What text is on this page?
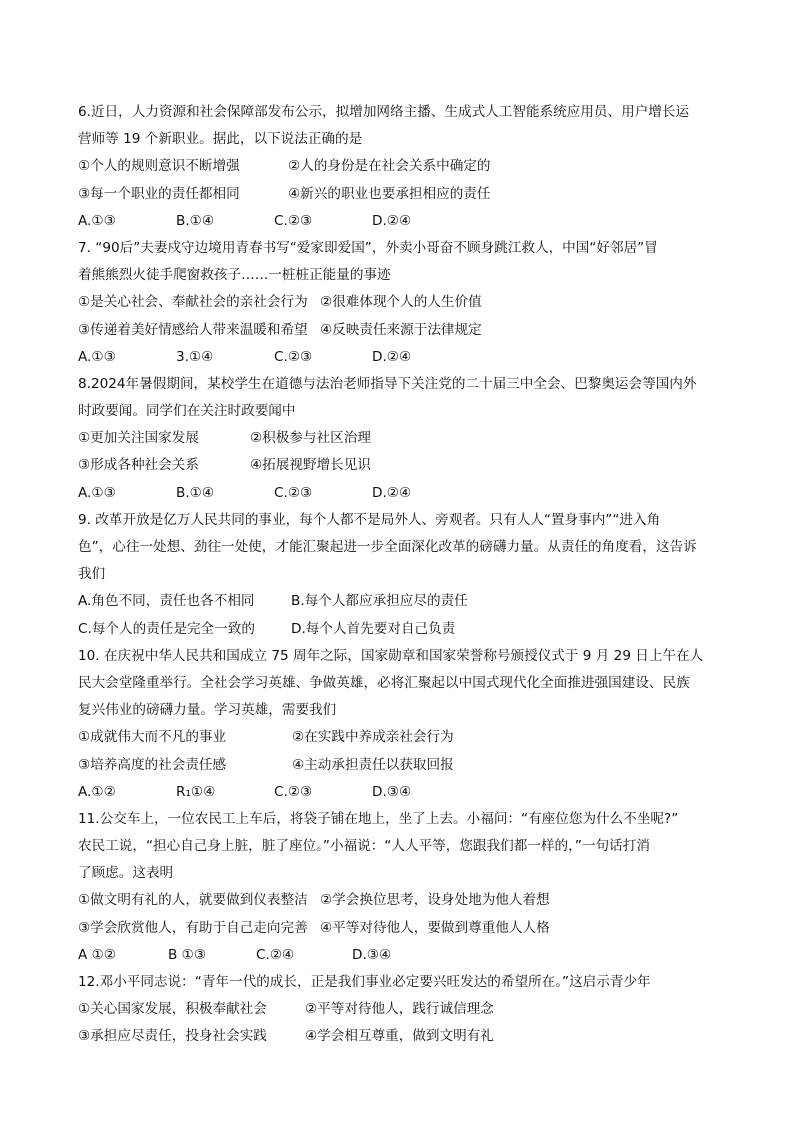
6.近日，人力资源和社会保障部发布公示，拟增加网络主播、生成式人工智能系统应用员、用户增长运
营师等 19 个新职业。据此，以下说法正确的是
①个人的规则意识不断增强	②人的身份是在社会关系中确定的
③每一个职业的责任都相同	④新兴的职业也要承担相应的责任
A.①③	B.①④	C.②③	D.②④
7. “90后”夫妻戍守边境用青春书写“爱家即爱国”，外卖小哥奋不顾身跳江救人，中国“好邻居”冒
着熊熊烈火徒手爬窗救孩子……一桩桩正能量的事迹
①是关心社会、奉献社会的亲社会行为 ②很难体现个人的人生价值
③传递着美好情感给人带来温暖和希望 ④反映责任来源于法律规定
A.①③	3.①④	C.②③	D.②④
8.2024年暑假期间，某校学生在道德与法治老师指导下关注党的二十届三中全会、巴黎奥运会等国内外
时政要闻。同学们在关注时政要闻中
①更加关注国家发展	②积极参与社区治理
③形成各种社会关系	④拓展视野增长见识
A.①③	B.①④	C.②③	D.②④
9. 改革开放是亿万人民共同的事业，每个人都不是局外人、旁观者。只有人人“置身事内”“进入角
色”，心往一处想、劲往一处使，才能汇聚起进一步全面深化改革的磅礴力量。从责任的角度看，这告诉
我们
A.角色不同，责任也各不相同	B.每个人都应承担应尽的责任
C.每个人的责任是完全一致的	D.每个人首先要对自己负责
10. 在庆祝中华人民共和国成立 75 周年之际，国家勋章和国家荣誉称号颁授仪式于 9 月 29 日上午在人
民大会堂隆重举行。全社会学习英雄、争做英雄，必将汇聚起以中国式现代化全面推进强国建设、民族
复兴伟业的磅礴力量。学习英雄，需要我们
①成就伟大而不凡的事业	②在实践中养成亲社会行为
③培养高度的社会责任感	④主动承担责任以获取回报
A.①②	R₁①④	C.②③	D.③④
11.公交车上，一位农民工上车后，将袋子铺在地上，坐了上去。小福问：“有座位您为什么不坐呢?”
农民工说，“担心自己身上脏，脏了座位。”小福说：“人人平等，您跟我们都一样的，”一句话打消
了顾虑。这表明
①做文明有礼的人，就要做到仪表整洁 ②学会换位思考，设身处地为他人着想
③学会欣赏他人，有助于自己走向完善 ④平等对待他人，要做到尊重他人人格
A ①②	B ①③	C.②④	D.③④
12.邓小平同志说：“青年一代的成长，正是我们事业必定要兴旺发达的希望所在。”这启示青少年
①关心国家发展，积极奉献社会	②平等对待他人，践行诚信理念
③承担应尽责任，投身社会实践	④学会相互尊重，做到文明有礼
